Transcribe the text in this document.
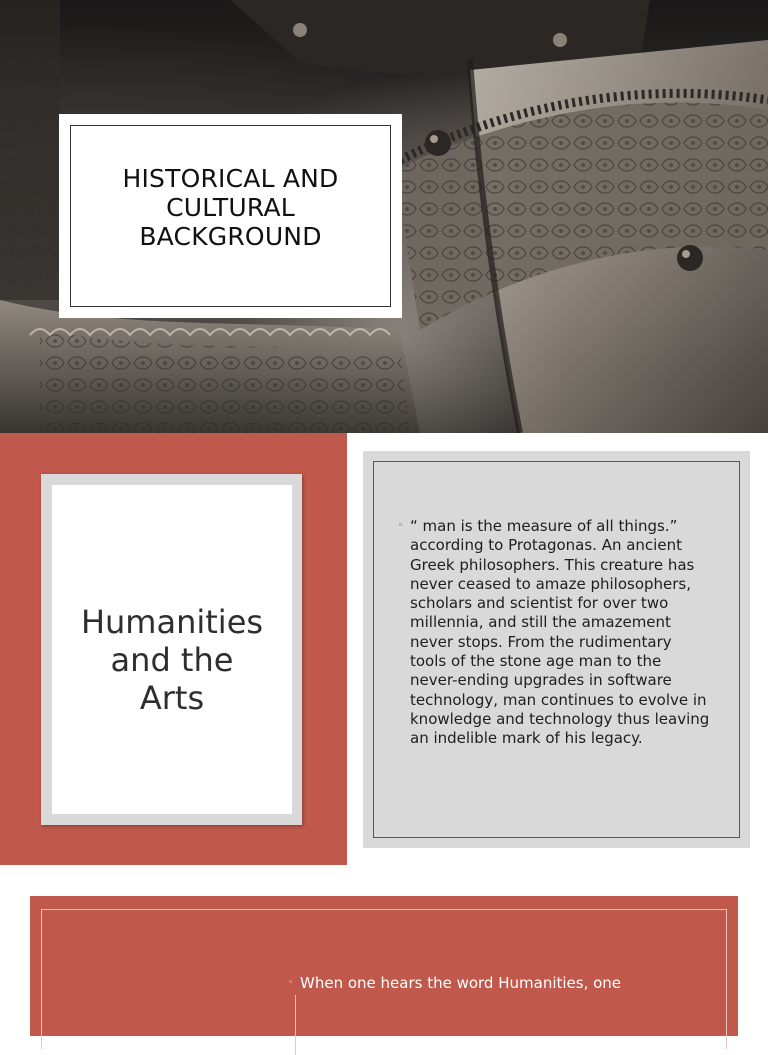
HISTORICAL AND
CULTURAL
BACKGROUND
Humanities
and the
Arts
◦ “ man is the measure of all things.” according to Protagonas. An ancient Greek philosophers. This creature has never ceased to amaze philosophers, scholars and scientist for over two millennia, and still the amazement never stops. From the rudimentary tools of the stone age man to the never-ending upgrades in software technology, man continues to evolve in knowledge and technology thus leaving an indelible mark of his legacy.
◦ When one hears the word Humanities, one
